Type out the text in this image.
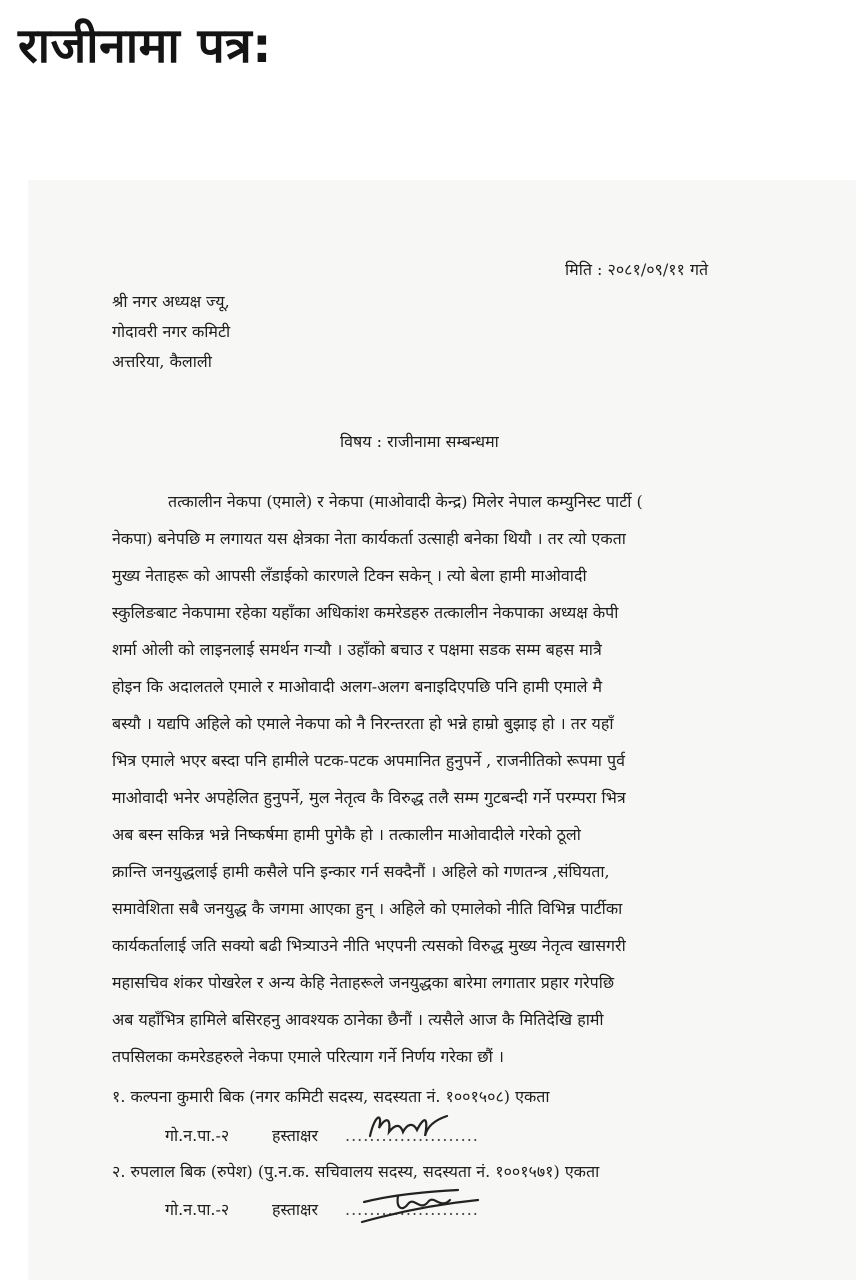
राजीनामा पत्र:
मिति : २०८१/०९/११ गते
श्री नगर अध्यक्ष ज्यू,
गोदावरी नगर कमिटी
अत्तरिया, कैलाली
विषय : राजीनामा सम्बन्धमा
तत्कालीन नेकपा (एमाले) र नेकपा (माओवादी केन्द्र) मिलेर नेपाल कम्युनिस्ट पार्टी (
नेकपा) बनेपछि म लगायत यस क्षेत्रका नेता कार्यकर्ता उत्साही बनेका थियौ । तर त्यो एकता
मुख्य नेताहरू को आपसी लँडाईको कारणले टिक्न सकेन् । त्यो बेला हामी माओवादी
स्कुलिङबाट नेकपामा रहेका यहाँका अधिकांश कमरेडहरु तत्कालीन नेकपाका अध्यक्ष केपी
शर्मा ओली को लाइनलाई समर्थन गऱ्यौ । उहाँको बचाउ र पक्षमा सडक सम्म बहस मात्रै
होइन कि अदालतले एमाले र माओवादी अलग-अलग बनाइदिएपछि पनि हामी एमाले मै
बस्यौ । यद्यपि अहिले को एमाले नेकपा को नै निरन्तरता हो भन्ने हाम्रो बुझाइ हो । तर यहाँ
भित्र एमाले भएर बस्दा पनि हामीले पटक-पटक अपमानित हुनुपर्ने , राजनीतिको रूपमा पुर्व
माओवादी भनेर अपहेलित हुनुपर्ने, मुल नेतृत्व कै विरुद्ध तलै सम्म गुटबन्दी गर्ने परम्परा भित्र
अब बस्न सकिन्न भन्ने निष्कर्षमा हामी पुगेकै हो । तत्कालीन माओवादीले गरेको ठूलो
क्रान्ति जनयुद्धलाई हामी कसैले पनि इन्कार गर्न सक्दैनौं । अहिले को गणतन्त्र ,संघियता,
समावेशिता सबै जनयुद्ध कै जगमा आएका हुन् । अहिले को एमालेको नीति विभिन्न पार्टीका
कार्यकर्तालाई जति सक्यो बढी भित्र्याउने नीति भएपनी त्यसको विरुद्ध मुख्य नेतृत्व खासगरी
महासचिव शंकर पोखरेल र अन्य केहि नेताहरूले जनयुद्धका बारेमा लगातार प्रहार गरेपछि
अब यहाँभित्र हामिले बसिरहनु आवश्यक ठानेका छैनौं । त्यसैले आज कै मितिदेखि हामी
तपसिलका कमरेडहरुले नेकपा एमाले परित्याग गर्ने निर्णय गरेका छौं ।
१. कल्पना कुमारी बिक (नगर कमिटी सदस्य, सदस्यता नं. १००१५०८) एकता
गो.न.पा.-२	हस्ताक्षर ......................
Kamf
२. रुपलाल बिक (रुपेश) (पु.न.क. सचिवालय सदस्य, सदस्यता नं. १००१५७१) एकता
गो.न.पा.-२	हस्ताक्षर ......................
रूपेश
